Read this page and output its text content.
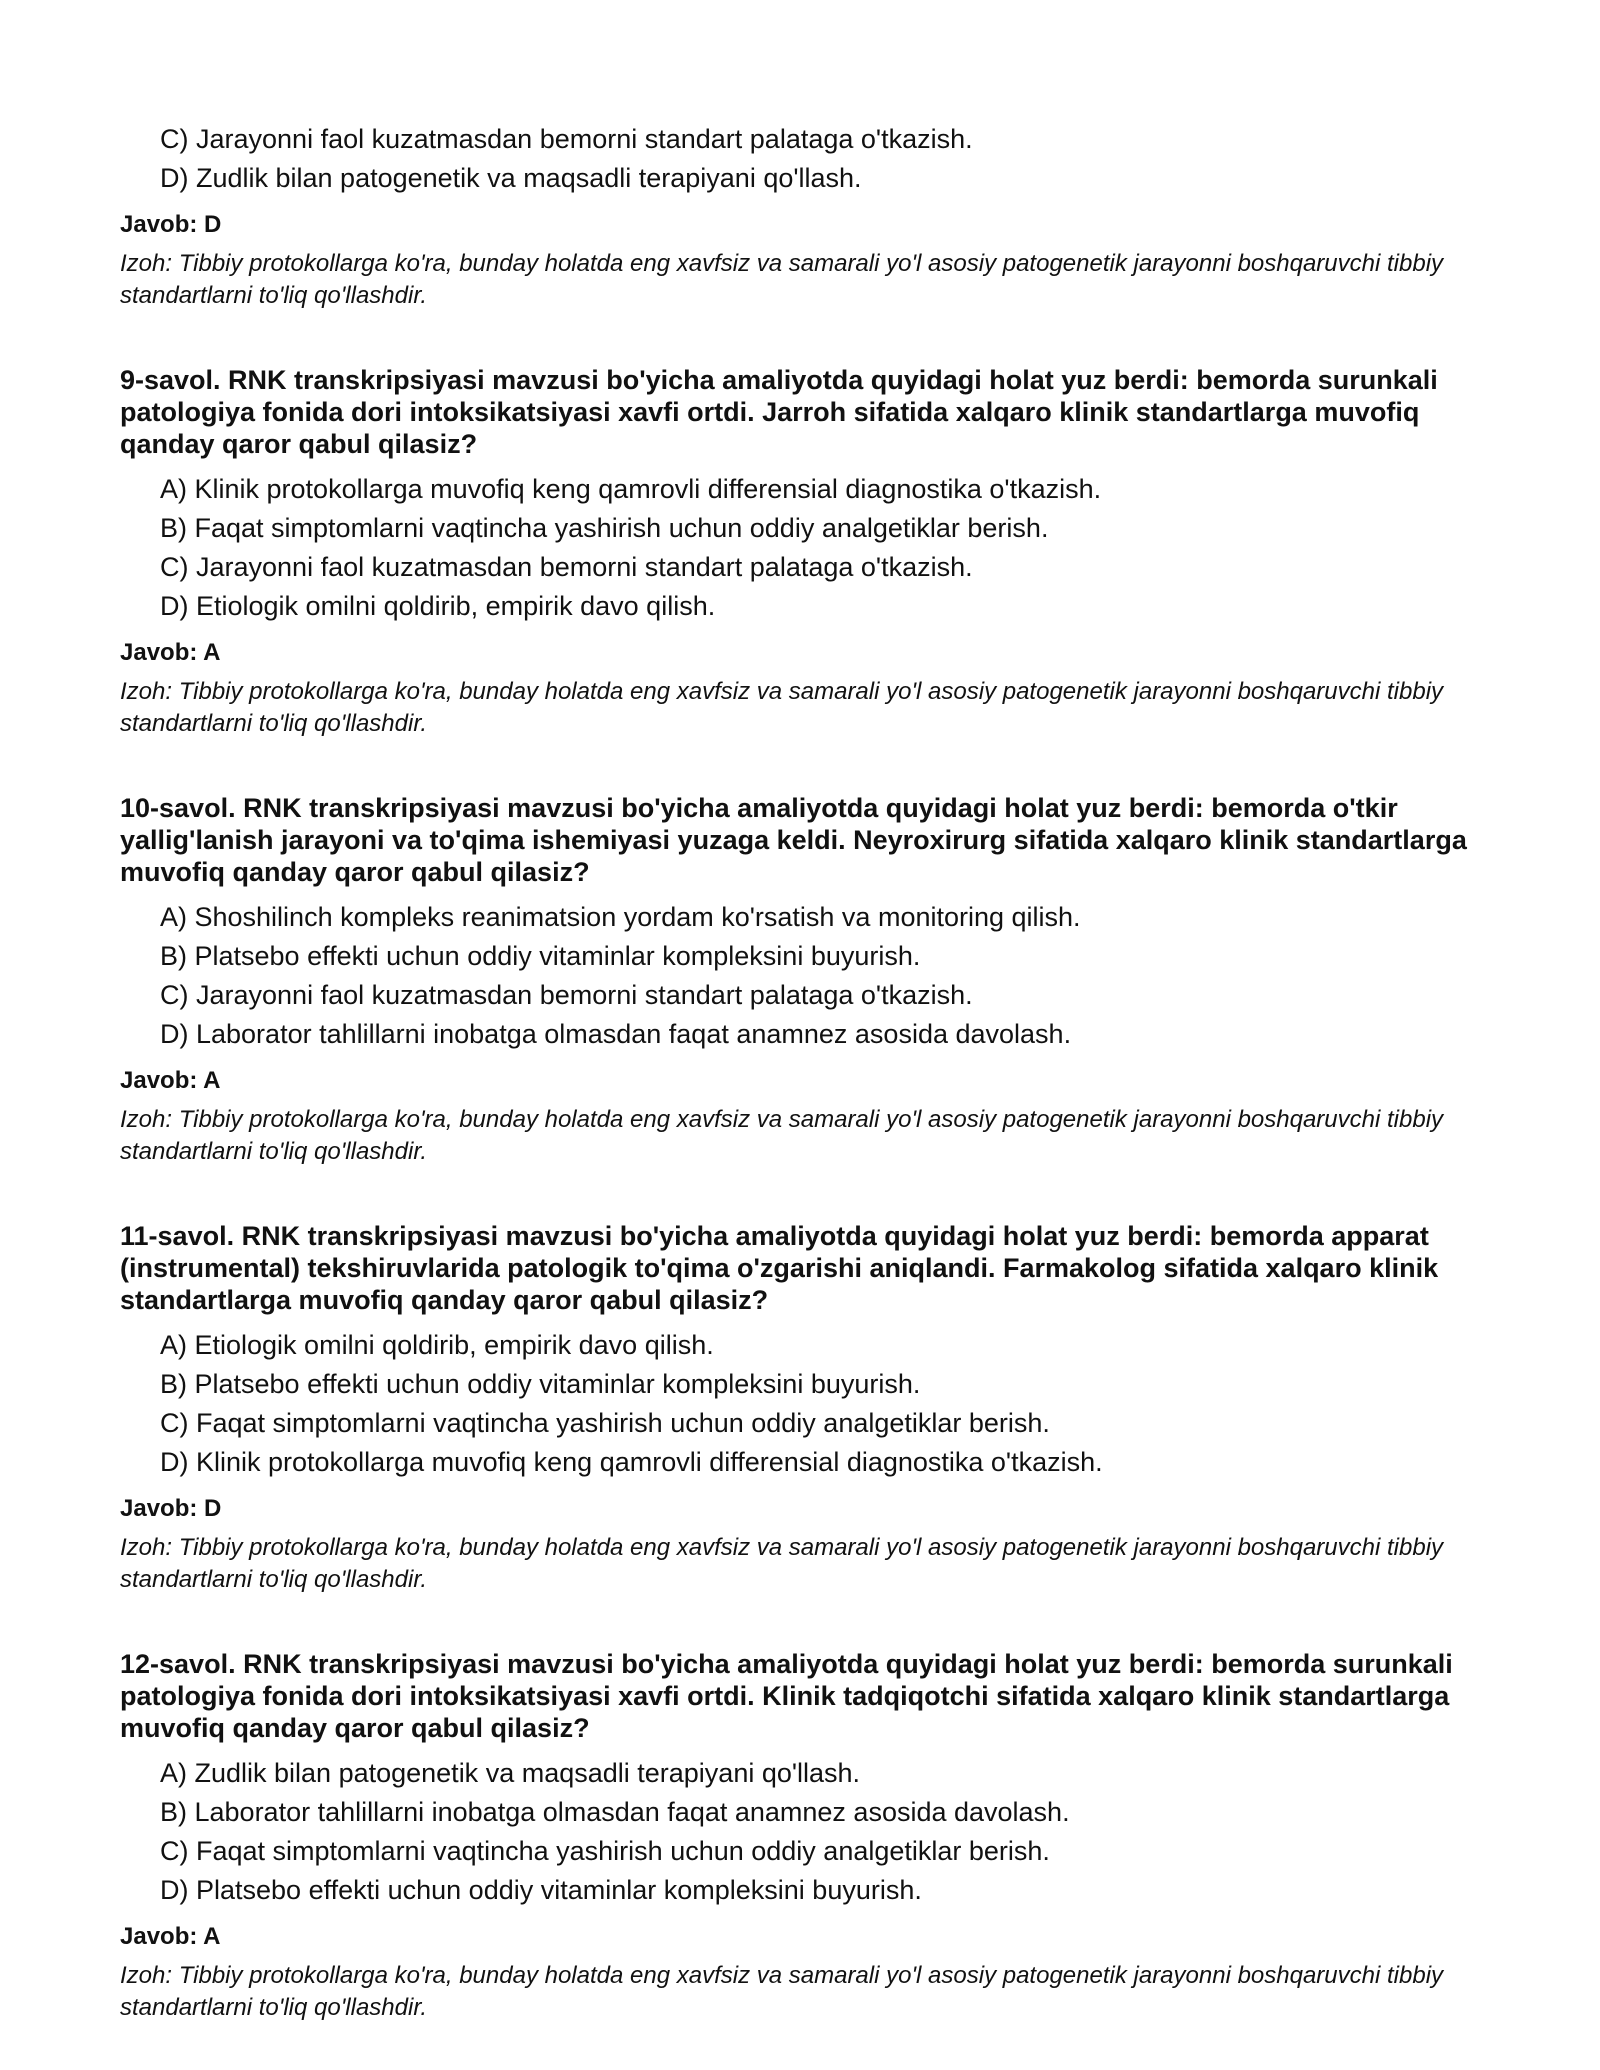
C) Jarayonni faol kuzatmasdan bemorni standart palataga o'tkazish.
D) Zudlik bilan patogenetik va maqsadli terapiyani qo'llash.
Javob: D
Izoh: Tibbiy protokollarga ko'ra, bunday holatda eng xavfsiz va samarali yo'l asosiy patogenetik jarayonni boshqaruvchi tibbiy standartlarni to'liq qo'llashdir.
9-savol. RNK transkripsiyasi mavzusi bo'yicha amaliyotda quyidagi holat yuz berdi: bemorda surunkali patologiya fonida dori intoksikatsiyasi xavfi ortdi. Jarroh sifatida xalqaro klinik standartlarga muvofiq qanday qaror qabul qilasiz?
A) Klinik protokollarga muvofiq keng qamrovli differensial diagnostika o'tkazish.
B) Faqat simptomlarni vaqtincha yashirish uchun oddiy analgetiklar berish.
C) Jarayonni faol kuzatmasdan bemorni standart palataga o'tkazish.
D) Etiologik omilni qoldirib, empirik davo qilish.
Javob: A
Izoh: Tibbiy protokollarga ko'ra, bunday holatda eng xavfsiz va samarali yo'l asosiy patogenetik jarayonni boshqaruvchi tibbiy standartlarni to'liq qo'llashdir.
10-savol. RNK transkripsiyasi mavzusi bo'yicha amaliyotda quyidagi holat yuz berdi: bemorda o'tkir yallig'lanish jarayoni va to'qima ishemiyasi yuzaga keldi. Neyroxirurg sifatida xalqaro klinik standartlarga muvofiq qanday qaror qabul qilasiz?
A) Shoshilinch kompleks reanimatsion yordam ko'rsatish va monitoring qilish.
B) Platsebo effekti uchun oddiy vitaminlar kompleksini buyurish.
C) Jarayonni faol kuzatmasdan bemorni standart palataga o'tkazish.
D) Laborator tahlillarni inobatga olmasdan faqat anamnez asosida davolash.
Javob: A
Izoh: Tibbiy protokollarga ko'ra, bunday holatda eng xavfsiz va samarali yo'l asosiy patogenetik jarayonni boshqaruvchi tibbiy standartlarni to'liq qo'llashdir.
11-savol. RNK transkripsiyasi mavzusi bo'yicha amaliyotda quyidagi holat yuz berdi: bemorda apparat (instrumental) tekshiruvlarida patologik to'qima o'zgarishi aniqlandi. Farmakolog sifatida xalqaro klinik standartlarga muvofiq qanday qaror qabul qilasiz?
A) Etiologik omilni qoldirib, empirik davo qilish.
B) Platsebo effekti uchun oddiy vitaminlar kompleksini buyurish.
C) Faqat simptomlarni vaqtincha yashirish uchun oddiy analgetiklar berish.
D) Klinik protokollarga muvofiq keng qamrovli differensial diagnostika o'tkazish.
Javob: D
Izoh: Tibbiy protokollarga ko'ra, bunday holatda eng xavfsiz va samarali yo'l asosiy patogenetik jarayonni boshqaruvchi tibbiy standartlarni to'liq qo'llashdir.
12-savol. RNK transkripsiyasi mavzusi bo'yicha amaliyotda quyidagi holat yuz berdi: bemorda surunkali patologiya fonida dori intoksikatsiyasi xavfi ortdi. Klinik tadqiqotchi sifatida xalqaro klinik standartlarga muvofiq qanday qaror qabul qilasiz?
A) Zudlik bilan patogenetik va maqsadli terapiyani qo'llash.
B) Laborator tahlillarni inobatga olmasdan faqat anamnez asosida davolash.
C) Faqat simptomlarni vaqtincha yashirish uchun oddiy analgetiklar berish.
D) Platsebo effekti uchun oddiy vitaminlar kompleksini buyurish.
Javob: A
Izoh: Tibbiy protokollarga ko'ra, bunday holatda eng xavfsiz va samarali yo'l asosiy patogenetik jarayonni boshqaruvchi tibbiy standartlarni to'liq qo'llashdir.
